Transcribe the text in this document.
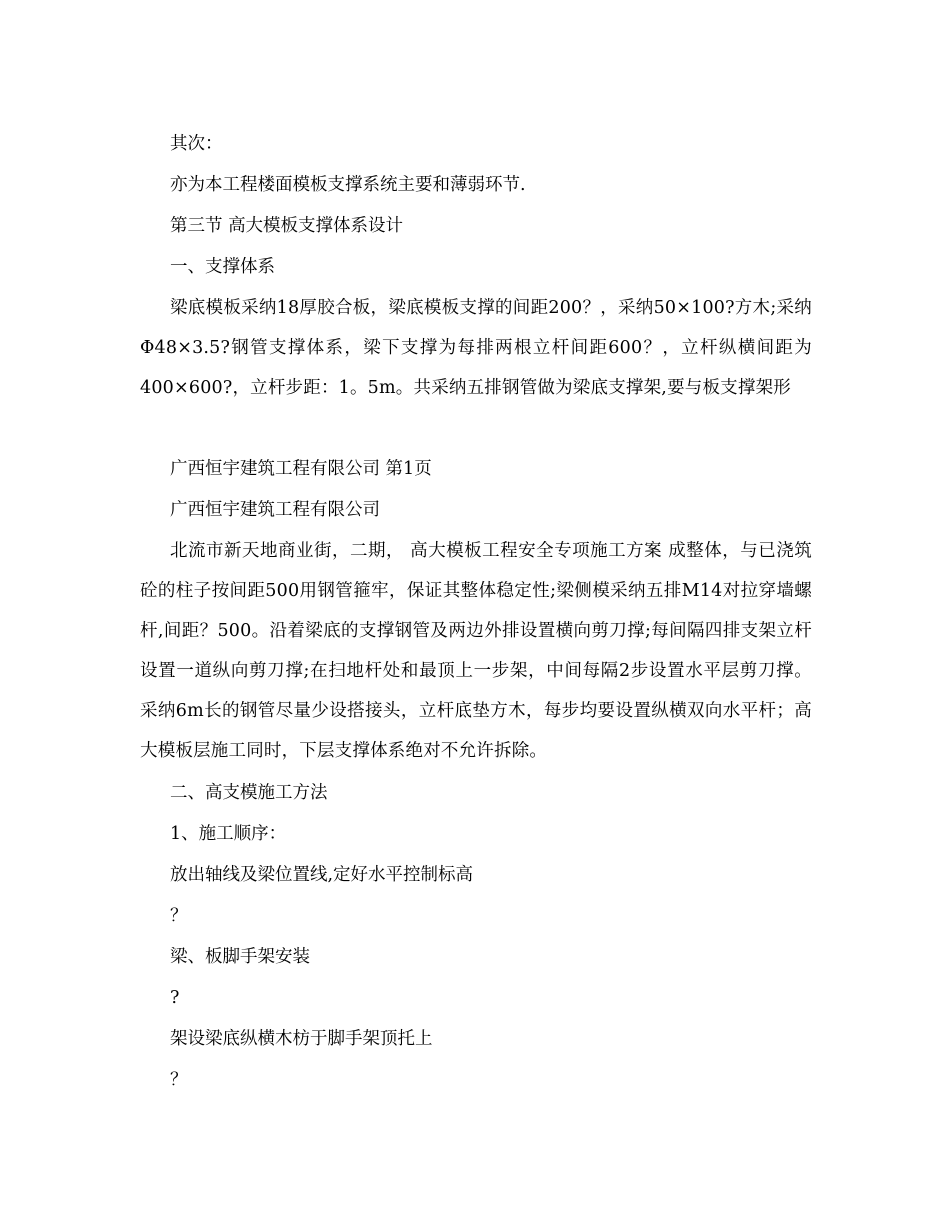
其次：
亦为本工程楼面模板支撑系统主要和薄弱环节.
第三节 高大模板支撑体系设计
一、支撑体系
梁底模板采纳18厚胶合板，梁底模板支撑的间距200？，采纳50×100?方木;采纳Φ48×3.5?钢管支撑体系，梁下支撑为每排两根立杆间距600？，立杆纵横间距为400×600?，立杆步距：1。5m。共采纳五排钢管做为梁底支撑架,要与板支撑架形
广西恒宇建筑工程有限公司 第1页
广西恒宇建筑工程有限公司
北流市新天地商业街，二期， 高大模板工程安全专项施工方案 成整体，与已浇筑砼的柱子按间距500用钢管箍牢，保证其整体稳定性;梁侧模采纳五排M14对拉穿墙螺杆,间距？500。沿着梁底的支撑钢管及两边外排设置横向剪刀撑;每间隔四排支架立杆设置一道纵向剪刀撑;在扫地杆处和最顶上一步架，中间每隔2步设置水平层剪刀撑。采纳6m长的钢管尽量少设搭接头，立杆底垫方木，每步均要设置纵横双向水平杆；高大模板层施工同时，下层支撑体系绝对不允许拆除。
二、高支模施工方法
1、施工顺序：
放出轴线及梁位置线,定好水平控制标高
？
梁、板脚手架安装
?
架设梁底纵横木枋于脚手架顶托上
？
